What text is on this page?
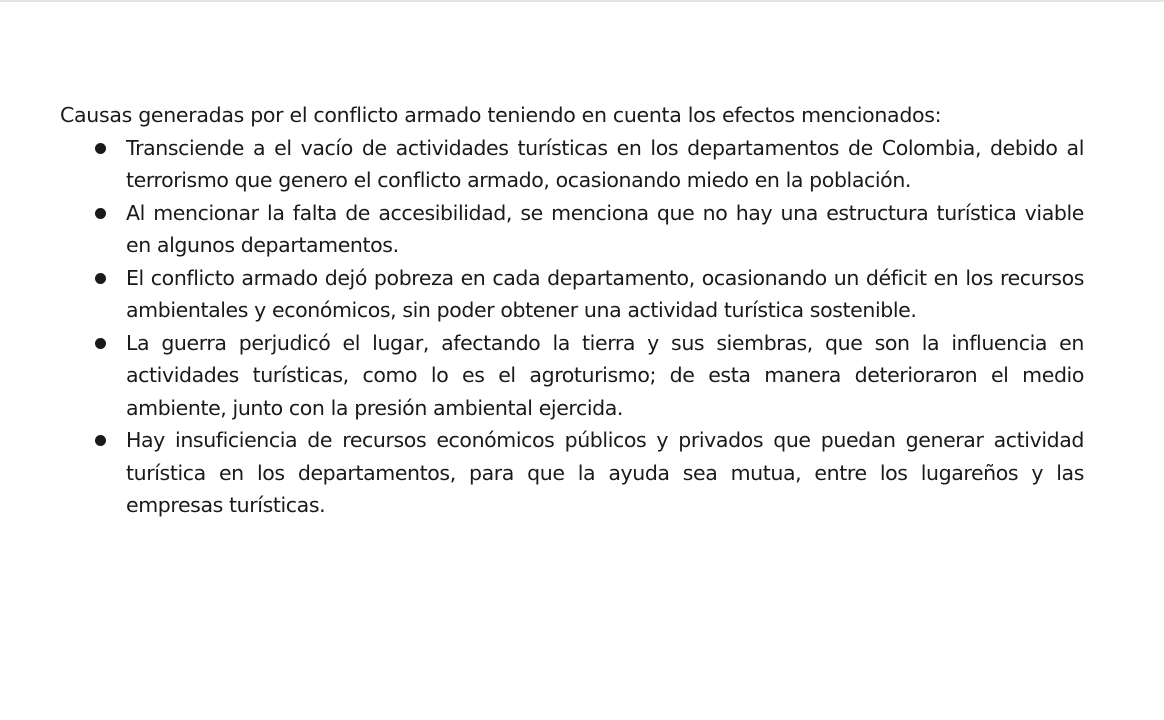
Causas generadas por el conflicto armado teniendo en cuenta los efectos mencionados:

Transciende a el vacío de actividades turísticas en los departamentos de Colombia, debido al terrorismo que genero el conflicto armado, ocasionando miedo en la población.
Al mencionar la falta de accesibilidad, se menciona que no hay una estructura turística viable en algunos departamentos.
El conflicto armado dejó pobreza en cada departamento, ocasionando un déficit en los recursos ambientales y económicos, sin poder obtener una actividad turística sostenible.
La guerra perjudicó el lugar, afectando la tierra y sus siembras, que son la influencia en actividades turísticas, como lo es el agroturismo; de esta manera deterioraron el medio ambiente, junto con la presión ambiental ejercida.
Hay insuficiencia de recursos económicos públicos y privados que puedan generar actividad turística en los departamentos, para que la ayuda sea mutua, entre los lugareños y las empresas turísticas.
